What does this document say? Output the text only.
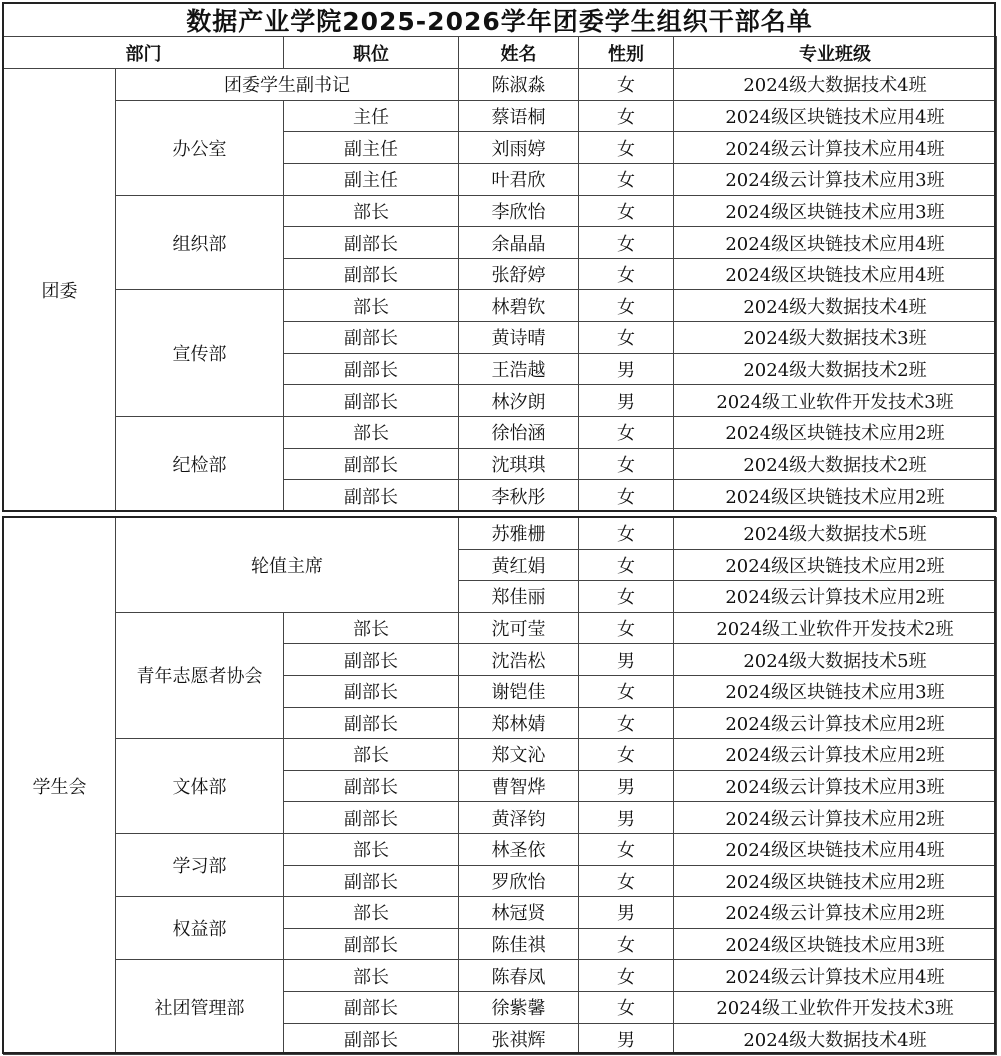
数据产业学院2025-2026学年团委学生组织干部名单
部门		职位	姓名	性别	专业班级
团委	团委学生副书记		陈淑淼	女	2024级大数据技术4班
	办公室	主任	蔡语桐	女	2024级区块链技术应用4班
		副主任	刘雨婷	女	2024级云计算技术应用4班
		副主任	叶君欣	女	2024级云计算技术应用3班
	组织部	部长	李欣怡	女	2024级区块链技术应用3班
		副部长	余晶晶	女	2024级区块链技术应用4班
		副部长	张舒婷	女	2024级区块链技术应用4班
	宣传部	部长	林碧钦	女	2024级大数据技术4班
		副部长	黄诗晴	女	2024级大数据技术3班
		副部长	王浩越	男	2024级大数据技术2班
		副部长	林汐朗	男	2024级工业软件开发技术3班
	纪检部	部长	徐怡涵	女	2024级区块链技术应用2班
		副部长	沈琪琪	女	2024级大数据技术2班
		副部长	李秋彤	女	2024级区块链技术应用2班
学生会	轮值主席		苏雅栅	女	2024级大数据技术5班
			黄红娟	女	2024级区块链技术应用2班
			郑佳丽	女	2024级云计算技术应用2班
	青年志愿者协会	部长	沈可莹	女	2024级工业软件开发技术2班
		副部长	沈浩松	男	2024级大数据技术5班
		副部长	谢铠佳	女	2024级区块链技术应用3班
		副部长	郑林婧	女	2024级云计算技术应用2班
	文体部	部长	郑文沁	女	2024级云计算技术应用2班
		副部长	曹智烨	男	2024级云计算技术应用3班
		副部长	黄泽钧	男	2024级云计算技术应用2班
	学习部	部长	林圣依	女	2024级区块链技术应用4班
		副部长	罗欣怡	女	2024级区块链技术应用2班
	权益部	部长	林冠贤	男	2024级云计算技术应用2班
		副部长	陈佳祺	女	2024级区块链技术应用3班
	社团管理部	部长	陈春凤	女	2024级云计算技术应用4班
		副部长	徐紫馨	女	2024级工业软件开发技术3班
		副部长	张祺辉	男	2024级大数据技术4班
